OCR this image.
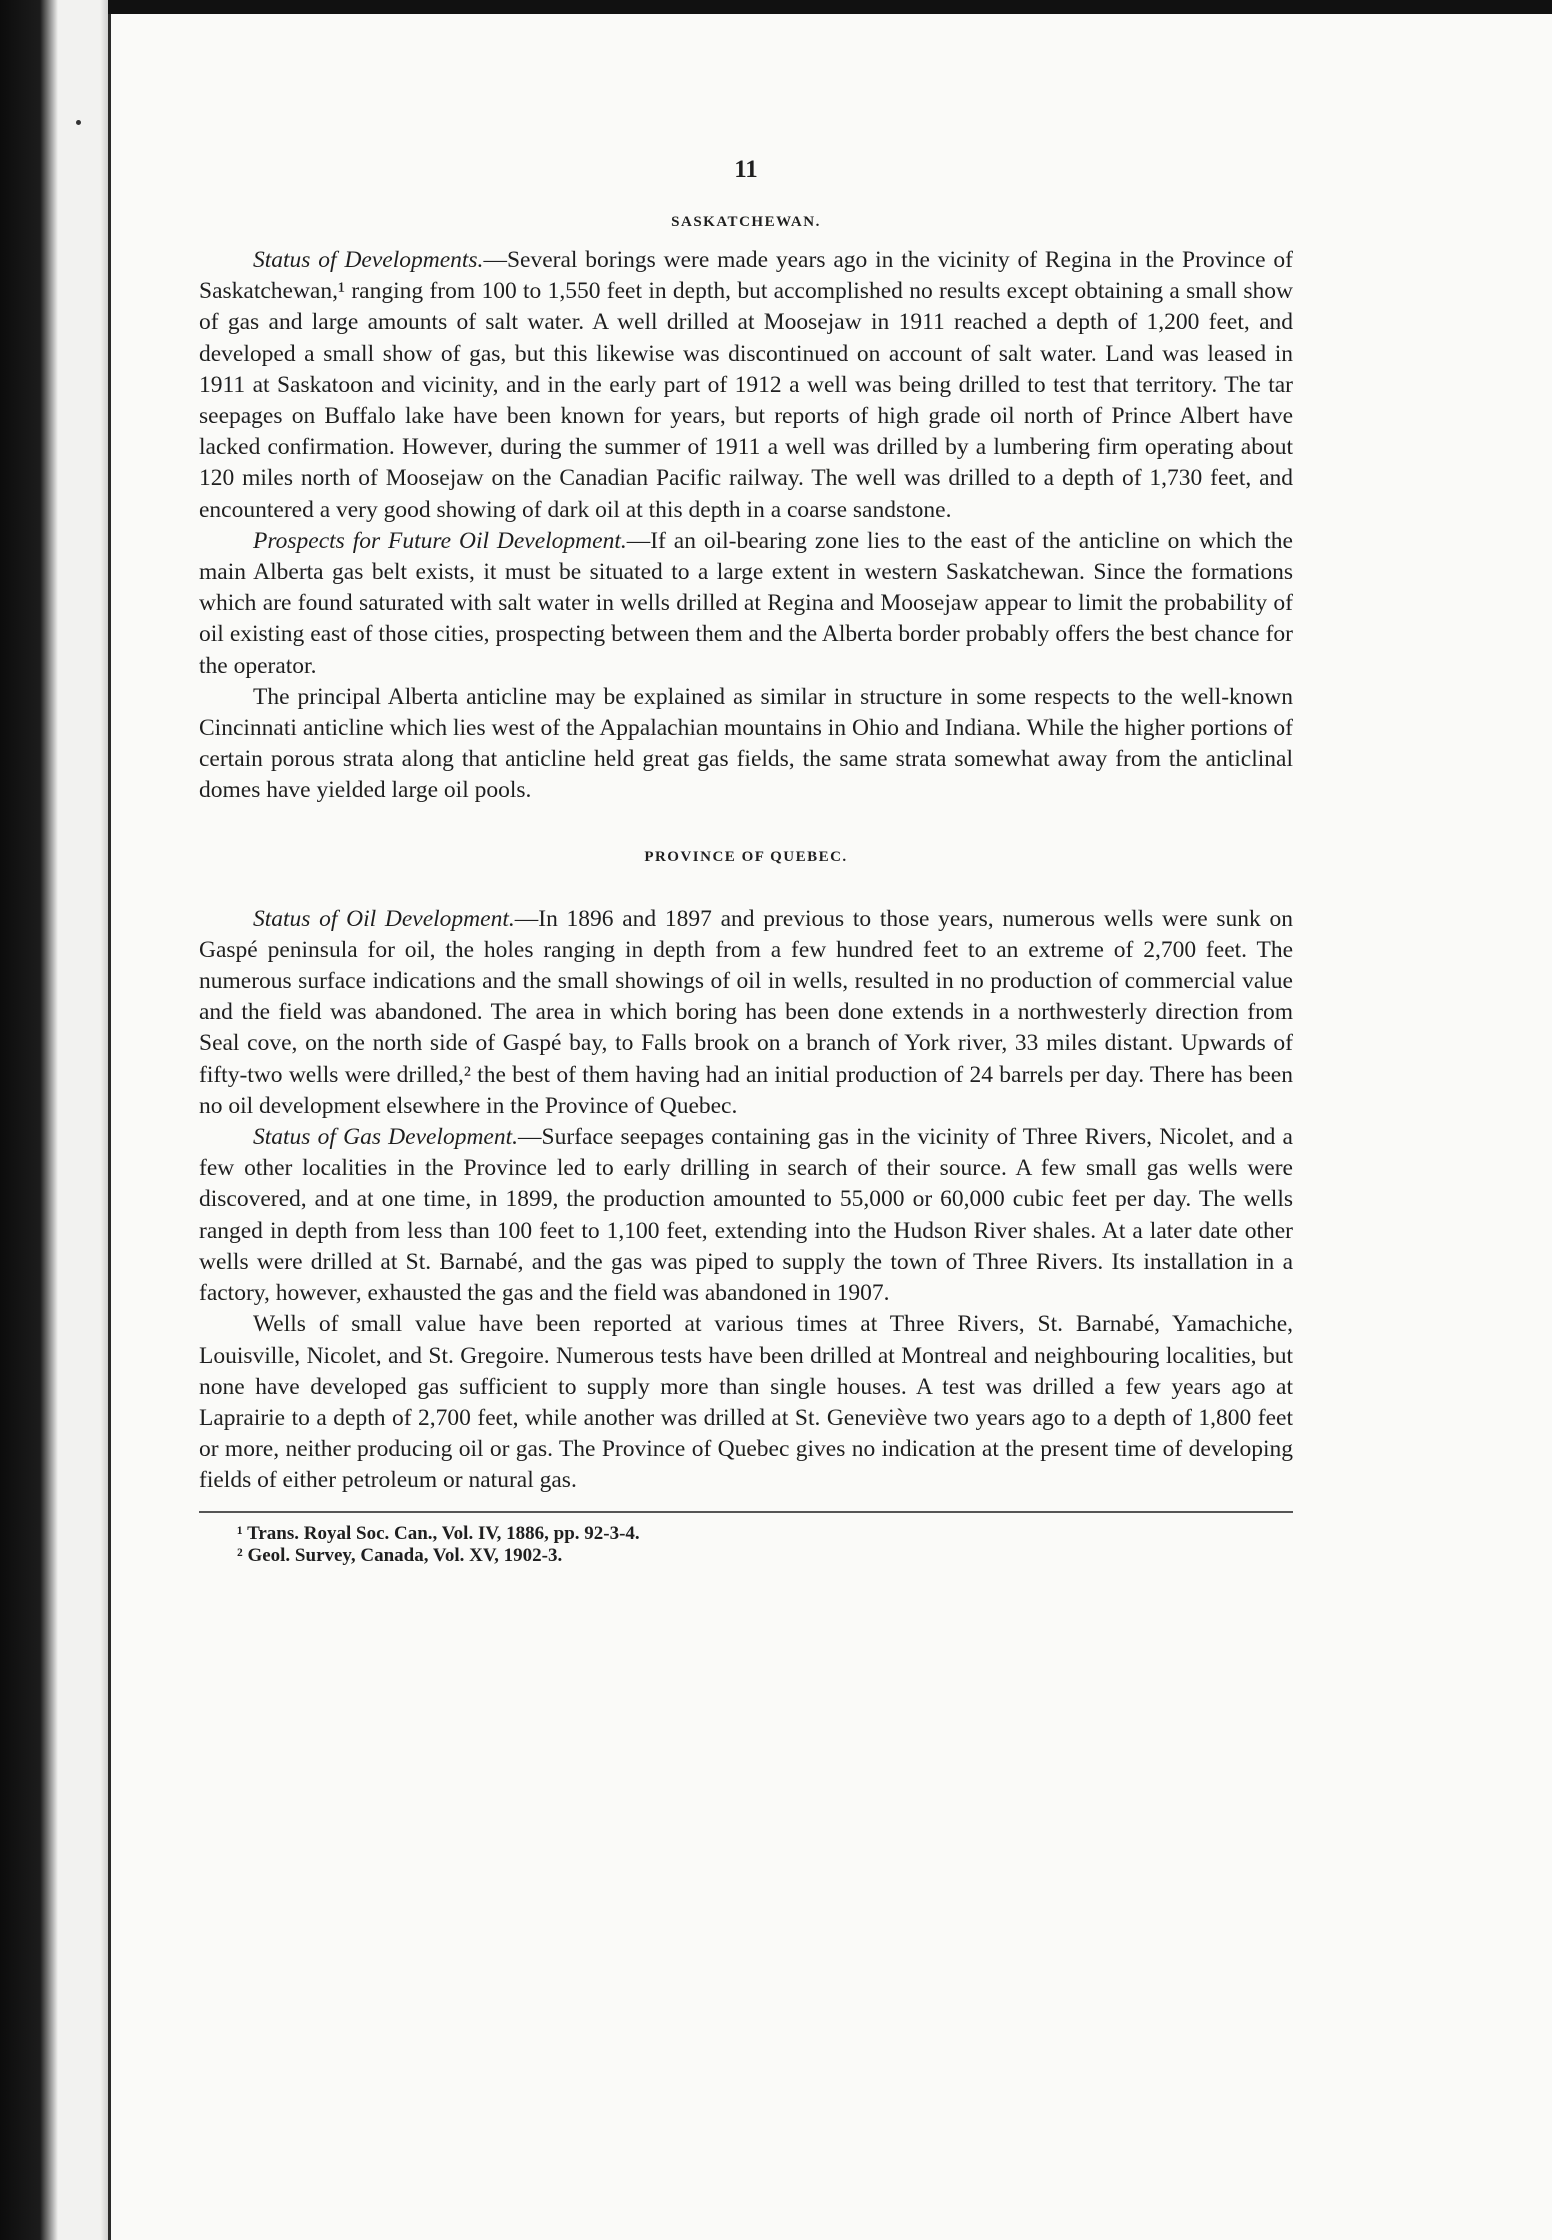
11
SASKATCHEWAN.

Status of Developments.—Several borings were made years ago in the vicinity of Regina in the Province of Saskatchewan,¹ ranging from 100 to 1,550 feet in depth, but accomplished no results except obtaining a small show of gas and large amounts of salt water. A well drilled at Moosejaw in 1911 reached a depth of 1,200 feet, and developed a small show of gas, but this likewise was discontinued on account of salt water. Land was leased in 1911 at Saskatoon and vicinity, and in the early part of 1912 a well was being drilled to test that territory. The tar seepages on Buffalo lake have been known for years, but reports of high grade oil north of Prince Albert have lacked confirmation. However, during the summer of 1911 a well was drilled by a lumbering firm operating about 120 miles north of Moosejaw on the Canadian Pacific railway. The well was drilled to a depth of 1,730 feet, and encountered a very good showing of dark oil at this depth in a coarse sandstone.

Prospects for Future Oil Development.—If an oil-bearing zone lies to the east of the anticline on which the main Alberta gas belt exists, it must be situated to a large extent in western Saskatchewan. Since the formations which are found saturated with salt water in wells drilled at Regina and Moosejaw appear to limit the probability of oil existing east of those cities, prospecting between them and the Alberta border probably offers the best chance for the operator.

The principal Alberta anticline may be explained as similar in structure in some respects to the well-known Cincinnati anticline which lies west of the Appalachian mountains in Ohio and Indiana. While the higher portions of certain porous strata along that anticline held great gas fields, the same strata somewhat away from the anticlinal domes have yielded large oil pools.

PROVINCE OF QUEBEC.

Status of Oil Development.—In 1896 and 1897 and previous to those years, numerous wells were sunk on Gaspé peninsula for oil, the holes ranging in depth from a few hundred feet to an extreme of 2,700 feet. The numerous surface indications and the small showings of oil in wells, resulted in no production of commercial value and the field was abandoned. The area in which boring has been done extends in a northwesterly direction from Seal cove, on the north side of Gaspé bay, to Falls brook on a branch of York river, 33 miles distant. Upwards of fifty-two wells were drilled,² the best of them having had an initial production of 24 barrels per day. There has been no oil development elsewhere in the Province of Quebec.

Status of Gas Development.—Surface seepages containing gas in the vicinity of Three Rivers, Nicolet, and a few other localities in the Province led to early drilling in search of their source. A few small gas wells were discovered, and at one time, in 1899, the production amounted to 55,000 or 60,000 cubic feet per day. The wells ranged in depth from less than 100 feet to 1,100 feet, extending into the Hudson River shales. At a later date other wells were drilled at St. Barnabé, and the gas was piped to supply the town of Three Rivers. Its installation in a factory, however, exhausted the gas and the field was abandoned in 1907.

Wells of small value have been reported at various times at Three Rivers, St. Barnabé, Yamachiche, Louisville, Nicolet, and St. Gregoire. Numerous tests have been drilled at Montreal and neighbouring localities, but none have developed gas sufficient to supply more than single houses. A test was drilled a few years ago at Laprairie to a depth of 2,700 feet, while another was drilled at St. Geneviève two years ago to a depth of 1,800 feet or more, neither producing oil or gas. The Province of Quebec gives no indication at the present time of developing fields of either petroleum or natural gas.

¹ Trans. Royal Soc. Can., Vol. IV, 1886, pp. 92-3-4.
² Geol. Survey, Canada, Vol. XV, 1902-3.
